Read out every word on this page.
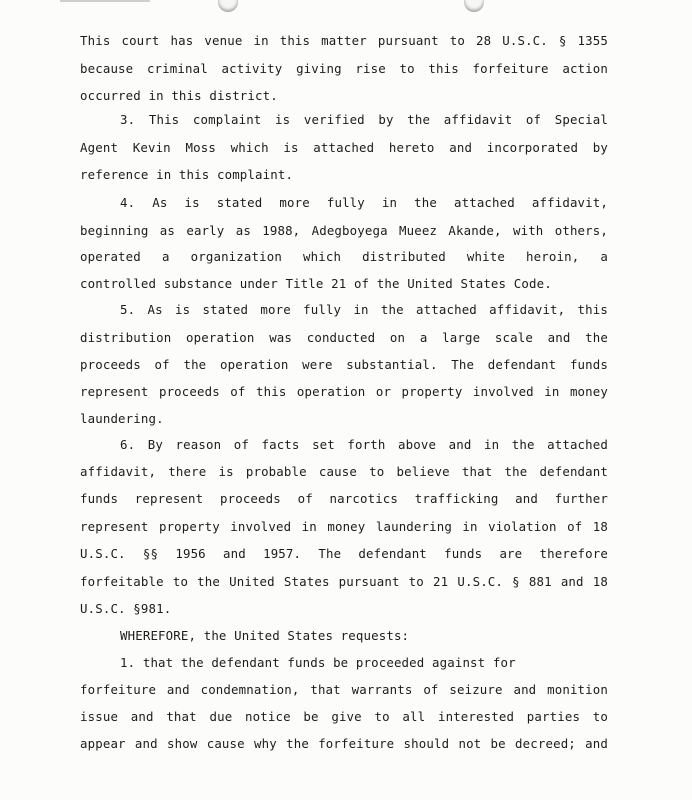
This court has venue in this matter pursuant to 28 U.S.C. § 1355
because criminal activity giving rise to this forfeiture action
occurred in this district.
3. This complaint is verified by the affidavit of Special
Agent Kevin Moss which is attached hereto and incorporated by
reference in this complaint.
4. As is stated more fully in the attached affidavit,
beginning as early as 1988, Adegboyega Mueez Akande, with others,
operated a organization which distributed white heroin, a
controlled substance under Title 21 of the United States Code.
5. As is stated more fully in the attached affidavit, this
distribution operation was conducted on a large scale and the
proceeds of the operation were substantial. The defendant funds
represent proceeds of this operation or property involved in money
laundering.
6. By reason of facts set forth above and in the attached
affidavit, there is probable cause to believe that the defendant
funds represent proceeds of narcotics trafficking and further
represent property involved in money laundering in violation of 18
U.S.C. §§ 1956 and 1957. The defendant funds are therefore
forfeitable to the United States pursuant to 21 U.S.C. § 881 and 18
U.S.C. §981.
WHEREFORE, the United States requests:
1. that the defendant funds be proceeded against for
forfeiture and condemnation, that warrants of seizure and monition
issue and that due notice be give to all interested parties to
appear and show cause why the forfeiture should not be decreed; and
